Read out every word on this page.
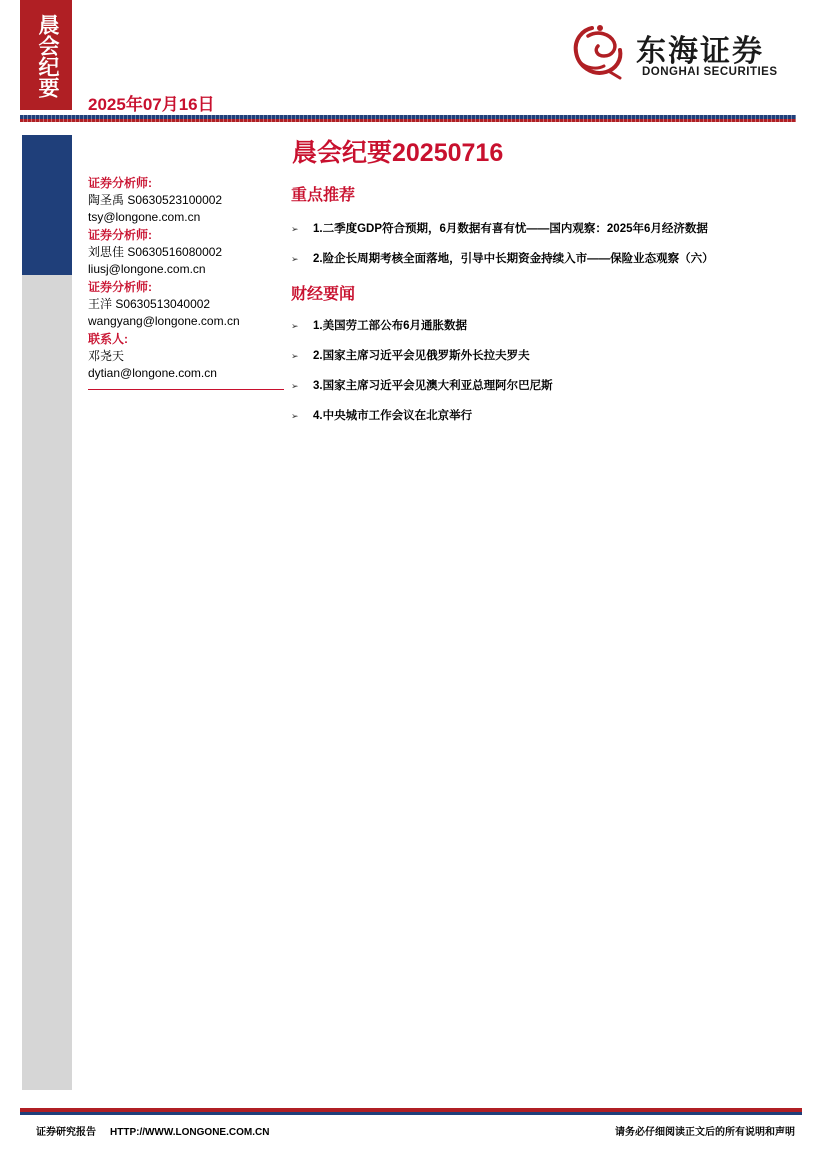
晨会纪要
2025年07月16日
东海证券
DONGHAI SECURITIES
晨会纪要20250716
证券分析师:
陶圣禹 S0630523100002
tsy@longone.com.cn
证券分析师:
刘思佳 S0630516080002
liusj@longone.com.cn
证券分析师:
王洋 S0630513040002
wangyang@longone.com.cn
联系人:
邓尧天
dytian@longone.com.cn
重点推荐
➢ 1.二季度GDP符合预期，6月数据有喜有忧——国内观察：2025年6月经济数据
➢ 2.险企长周期考核全面落地，引导中长期资金持续入市——保险业态观察（六）
财经要闻
➢ 1.美国劳工部公布6月通胀数据
➢ 2.国家主席习近平会见俄罗斯外长拉夫罗夫
➢ 3.国家主席习近平会见澳大利亚总理阿尔巴尼斯
➢ 4.中央城市工作会议在北京举行
证券研究报告 HTTP://WWW.LONGONE.COM.CN	请务必仔细阅读正文后的所有说明和声明
